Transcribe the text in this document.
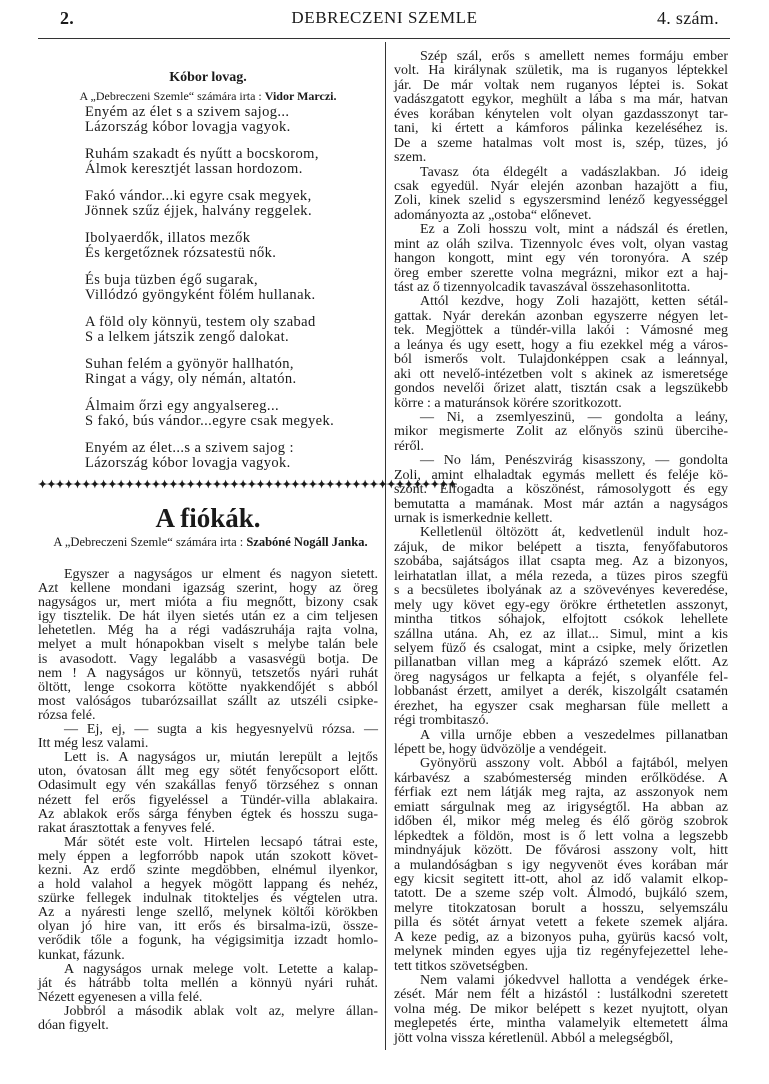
2.	DEBRECZENI SZEMLE	4. szám.
Kóbor lovag.
A „Debreczeni Szemle“ számára irta : Vidor Marczi.
Enyém az élet s a szivem sajog...
Lázország kóbor lovagja vagyok.
Ruhám szakadt és nyűtt a bocskorom,
Álmok keresztjét lassan hordozom.
Fakó vándor...ki egyre csak megyek,
Jönnek szűz éjjek, halvány reggelek.
Ibolyaerdők, illatos mezők
És kergetőznek rózsatestü nők.
És buja tüzben égő sugarak,
Villódzó gyöngyként fölém hullanak.
A föld oly könnyü, testem oly szabad
S a lelkem játszik zengő dalokat.
Suhan felém a gyönyör hallhatón,
Ringat a vágy, oly némán, altatón.
Álmaim őrzi egy angyalsereg...
S fakó, bús vándor...egyre csak megyek.
Enyém az élet...s a szivem sajog :
Lázország kóbor lovagja vagyok.
✦✦✦✦✦✦✦✦✦✦✦✦✦✦✦✦✦✦✦✦✦✦✦✦✦✦✦✦✦✦✦✦✦✦✦✦✦✦✦✦✦✦✦✦✦✦✦✦
A fiókák.
A „Debreczeni Szemle“ számára irta : Szabóné Nogáll Janka.
Egyszer a nagyságos ur elment és nagyon sietett.
Azt kellene mondani igazság szerint, hogy az öreg
nagyságos ur, mert mióta a fiu megnőtt, bizony csak
igy tisztelik. De hát ilyen sietés után ez a cim teljesen
lehetetlen. Még ha a régi vadászruhája rajta volna,
melyet a mult hónapokban viselt s melybe talán bele
is avasodott. Vagy legalább a vasasvégü botja. De
nem ! A nagyságos ur könnyü, tetszetős nyári ruhát
öltött, lenge csokorra kötötte nyakkendőjét s abból
most valóságos tubarózsaillat szállt az utszéli csipke-
rózsa felé.
— Ej, ej, — sugta a kis hegyesnyelvü rózsa. —
Itt még lesz valami.
Lett is. A nagyságos ur, miután lerepült a lejtős
uton, óvatosan állt meg egy sötét fenyőcsoport előtt.
Odasimult egy vén szakállas fenyő törzséhez s onnan
nézett fel erős figyeléssel a Tündér-villa ablakaira.
Az ablakok erős sárga fényben égtek és hosszu suga-
rakat árasztottak a fenyves felé.
Már sötét este volt. Hirtelen lecsapó tátrai este,
mely éppen a legforróbb napok után szokott követ-
kezni. Az erdő szinte megdöbben, elnémul ilyenkor,
a hold valahol a hegyek mögött lappang és nehéz,
szürke fellegek indulnak titokteljes és végtelen utra.
Az a nyáresti lenge szellő, melynek költői körökben
olyan jó hire van, itt erős és birsalma-izü, össze-
verődik tőle a fogunk, ha végigsimitja izzadt homlo-
kunkat, fázunk.
A nagyságos urnak melege volt. Letette a kalap-
ját és hátrább tolta mellén a könnyü nyári ruhát.
Nézett egyenesen a villa felé.
Jobbról a második ablak volt az, melyre állan-
dóan figyelt.
Szép szál, erős s amellett nemes formáju ember
volt. Ha királynak születik, ma is ruganyos léptekkel
jár. De már voltak nem ruganyos léptei is. Sokat
vadászgatott egykor, meghült a lába s ma már, hatvan
éves korában kénytelen volt olyan gazdasszonyt tar-
tani, ki értett a kámforos pálinka kezeléséhez is.
De a szeme hatalmas volt most is, szép, tüzes, jó
szem.
Tavasz óta éldegélt a vadászlakban. Jó ideig
csak egyedül. Nyár elején azonban hazajött a fiu,
Zoli, kinek szelid s egyszersmind lenéző kegyességgel
adományozta az „ostoba“ előnevet.
Ez a Zoli hosszu volt, mint a nádszál és éretlen,
mint az oláh szilva. Tizennyolc éves volt, olyan vastag
hangon kongott, mint egy vén toronyóra. A szép
öreg ember szerette volna megrázni, mikor ezt a haj-
tást az ő tizennyolcadik tavaszával összehasonlitotta.
Attól kezdve, hogy Zoli hazajött, ketten sétál-
gattak. Nyár derekán azonban egyszerre négyen let-
tek. Megjöttek a tündér-villa lakói : Vámosné meg
a leánya és ugy esett, hogy a fiu ezekkel még a város-
ból ismerős volt. Tulajdonképpen csak a leánnyal,
aki ott nevelő-intézetben volt s akinek az ismeretsége
gondos nevelői őrizet alatt, tisztán csak a legszükebb
körre : a maturánsok körére szoritkozott.
— Ni, a zsemlyeszinü, — gondolta a leány,
mikor megismerte Zolit az előnyös szinü übercihe-
réről.
— No lám, Penészvirág kisasszony, — gondolta
Zoli, amint elhaladtak egymás mellett és feléje kö-
szönt. Elfogadta a köszönést, rámosolygott és egy
bemutatta a mamának. Most már aztán a nagyságos
urnak is ismerkednie kellett.
Kelletlenül öltözött át, kedvetlenül indult hoz-
zájuk, de mikor belépett a tiszta, fenyőfabutoros
szobába, sajátságos illat csapta meg. Az a bizonyos,
leirhatatlan illat, a méla rezeda, a tüzes piros szegfü
s a becsületes ibolyának az a szövevényes keveredése,
mely ugy követ egy-egy örökre érthetetlen asszonyt,
mintha titkos sóhajok, elfojtott csókok lehellete
szállna utána. Ah, ez az illat... Simul, mint a kis
selyem füző és csalogat, mint a csipke, mely őrizetlen
pillanatban villan meg a káprázó szemek előtt. Az
öreg nagyságos ur felkapta a fejét, s olyanféle fel-
lobbanást érzett, amilyet a derék, kiszolgált csatamén
érezhet, ha egyszer csak megharsan füle mellett a
régi trombitaszó.
A villa urnője ebben a veszedelmes pillanatban
lépett be, hogy üdvözölje a vendégeit.
Gyönyörü asszony volt. Abból a fajtából, melyen
kárbavész a szabómesterség minden erőlködése. A
férfiak ezt nem látják meg rajta, az asszonyok nem
emiatt sárgulnak meg az irigységtől. Ha abban az
időben él, mikor még meleg és élő görög szobrok
lépkedtek a földön, most is ő lett volna a legszebb
mindnyájuk között. De fővárosi asszony volt, hitt
a mulandóságban s igy negyvenöt éves korában már
egy kicsit segitett itt-ott, ahol az idő valamit elkop-
tatott. De a szeme szép volt. Álmodó, bujkáló szem,
melyre titokzatosan borult a hosszu, selyemszálu
pilla és sötét árnyat vetett a fekete szemek aljára.
A keze pedig, az a bizonyos puha, gyürüs kacsó volt,
melynek minden egyes ujja tiz regényfejezettel lehe-
tett titkos szövetségben.
Nem valami jókedvvel hallotta a vendégek érke-
zését. Már nem félt a hizástól : lustálkodni szeretett
volna még. De mikor belépett s kezet nyujtott, olyan
meglepetés érte, mintha valamelyik eltemetett álma
jött volna vissza kéretlenül. Abból a melegségből,
